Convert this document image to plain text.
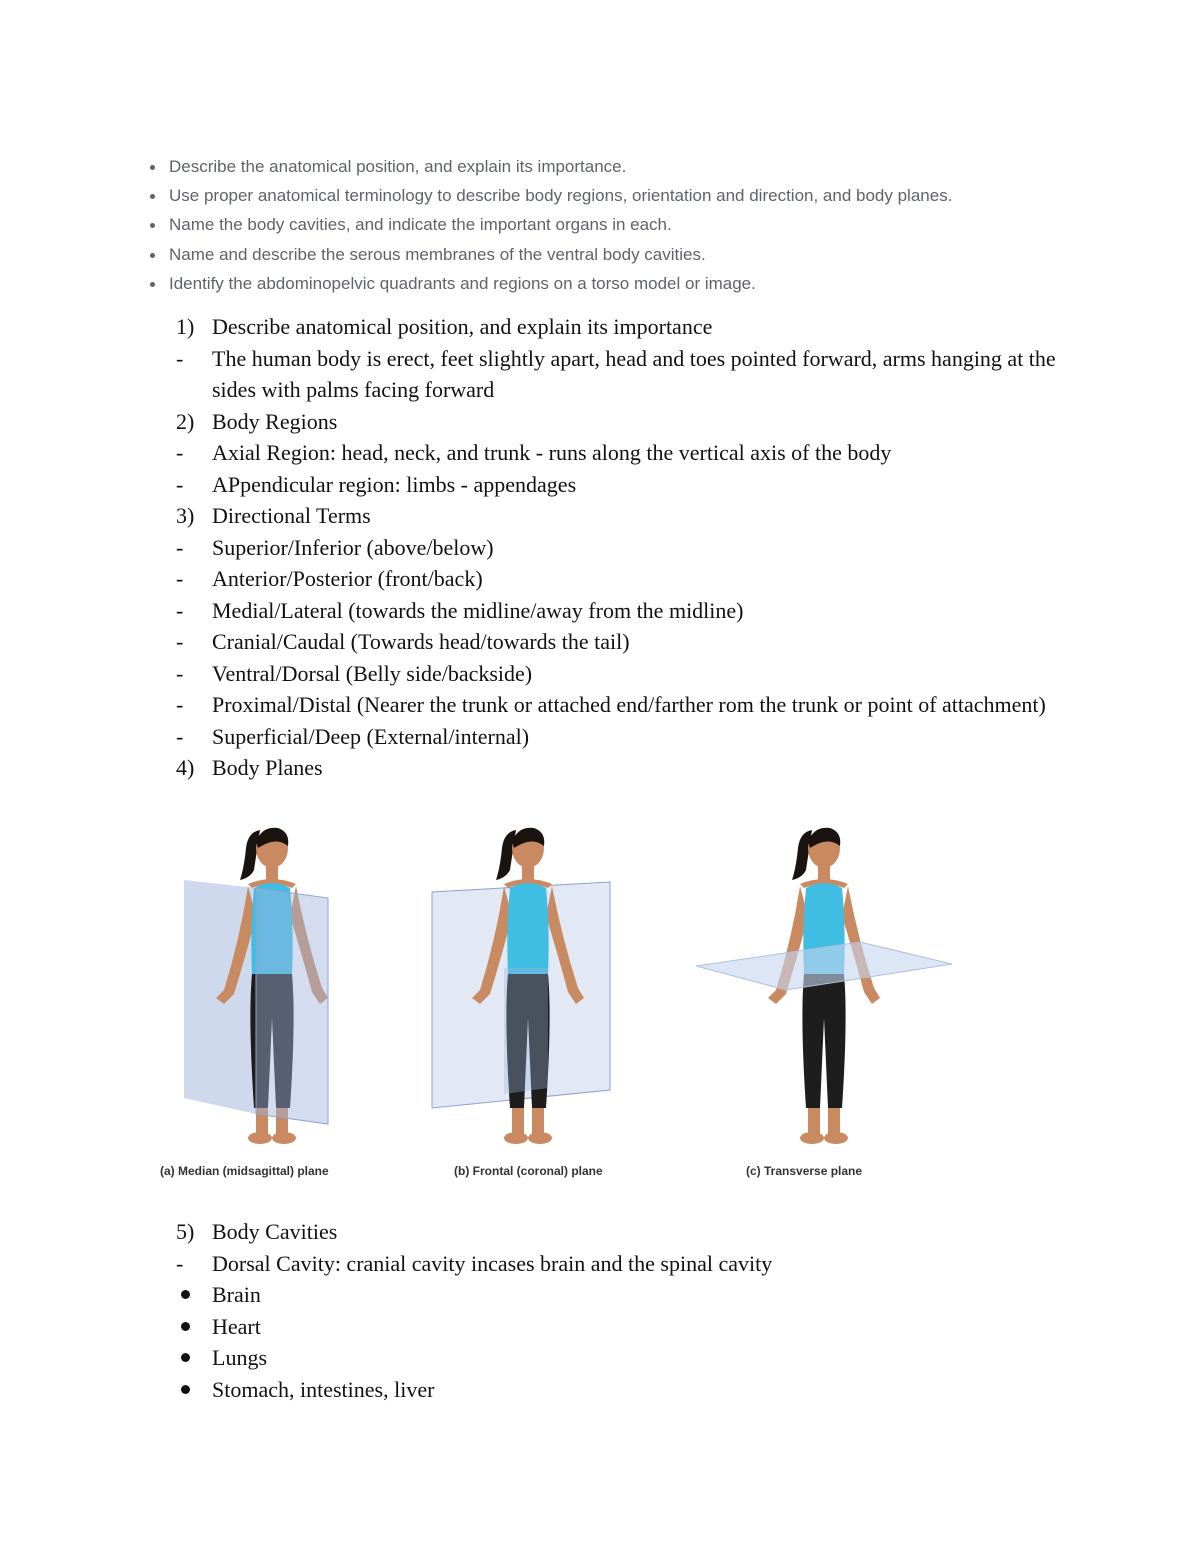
Describe the anatomical position, and explain its importance.
Use proper anatomical terminology to describe body regions, orientation and direction, and body planes.
Name the body cavities, and indicate the important organs in each.
Name and describe the serous membranes of the ventral body cavities.
Identify the abdominopelvic quadrants and regions on a torso model or image.
1) Describe anatomical position, and explain its importance
- The human body is erect, feet slightly apart, head and toes pointed forward, arms hanging at the sides with palms facing forward
2) Body Regions
- Axial Region: head, neck, and trunk - runs along the vertical axis of the body
- APpendicular region: limbs - appendages
3) Directional Terms
- Superior/Inferior (above/below)
- Anterior/Posterior (front/back)
- Medial/Lateral (towards the midline/away from the midline)
- Cranial/Caudal (Towards head/towards the tail)
- Ventral/Dorsal (Belly side/backside)
- Proximal/Distal (Nearer the trunk or attached end/farther rom the trunk or point of attachment)
- Superficial/Deep (External/internal)
4) Body Planes
(a) Median (midsagittal) plane	(b) Frontal (coronal) plane	(c) Transverse plane
5) Body Cavities
- Dorsal Cavity: cranial cavity incases brain and the spinal cavity
Brain
Heart
Lungs
Stomach, intestines, liver
